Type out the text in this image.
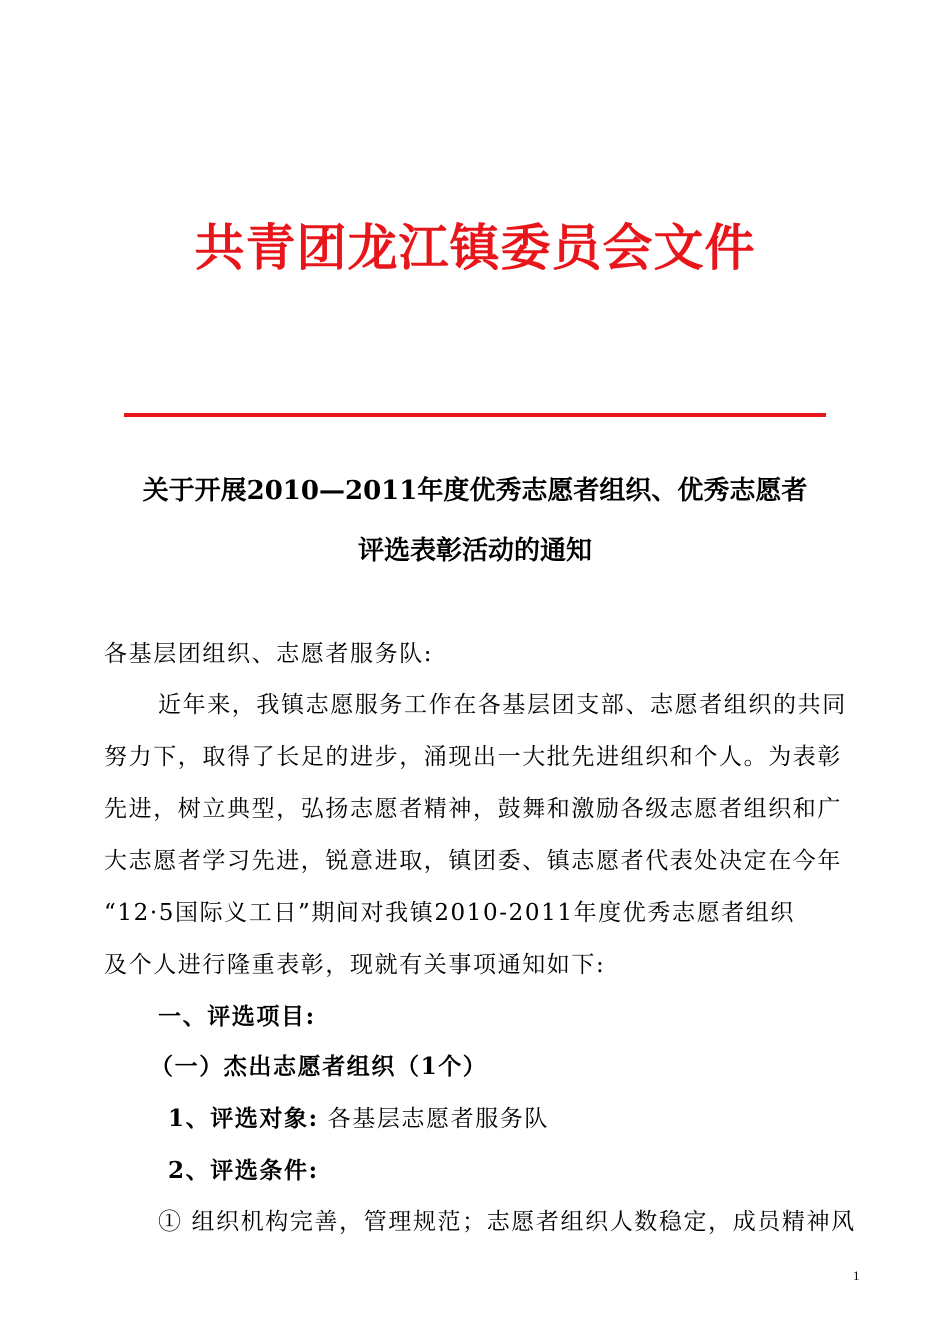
共青团龙江镇委员会文件
关于开展2010—2011年度优秀志愿者组织、优秀志愿者
评选表彰活动的通知
各基层团组织、志愿者服务队:
近年来，我镇志愿服务工作在各基层团支部、志愿者组织的共同
努力下，取得了长足的进步，涌现出一大批先进组织和个人。为表彰
先进，树立典型，弘扬志愿者精神，鼓舞和激励各级志愿者组织和广
大志愿者学习先进，锐意进取，镇团委、镇志愿者代表处决定在今年
“12·5国际义工日”期间对我镇2010-2011年度优秀志愿者组织
及个人进行隆重表彰，现就有关事项通知如下:
一、评选项目:
（一）杰出志愿者组织（1个）
1、评选对象: 各基层志愿者服务队
2、评选条件:
① 组织机构完善，管理规范；志愿者组织人数稳定，成员精神风
1
